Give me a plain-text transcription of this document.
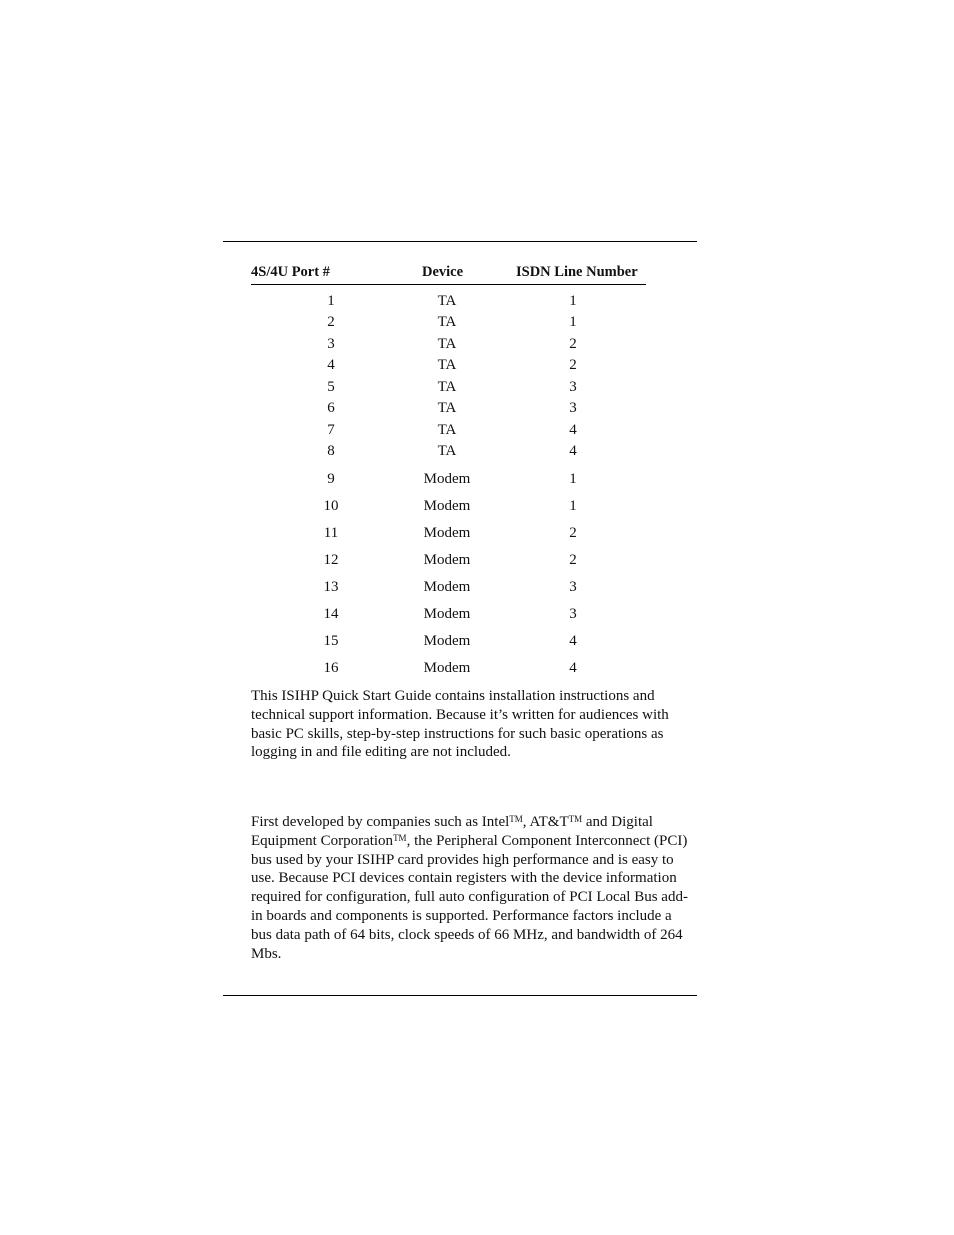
4S/4U Port #	Device	ISDN Line Number
1	TA	1
2	TA	1
3	TA	2
4	TA	2
5	TA	3
6	TA	3
7	TA	4
8	TA	4
9	Modem	1
10	Modem	1
11	Modem	2
12	Modem	2
13	Modem	3
14	Modem	3
15	Modem	4
16	Modem	4

This ISIHP Quick Start Guide contains installation instructions and technical support information. Because it’s written for audiences with basic PC skills, step-by-step instructions for such basic operations as logging in and file editing are not included.

First developed by companies such as Intel™, AT&T™ and Digital Equipment Corporation™, the Peripheral Component Interconnect (PCI) bus used by your ISIHP card provides high performance and is easy to use. Because PCI devices contain registers with the device information required for configuration, full auto configuration of PCI Local Bus add-in boards and components is supported. Performance factors include a bus data path of 64 bits, clock speeds of 66 MHz, and bandwidth of 264 Mbs.
